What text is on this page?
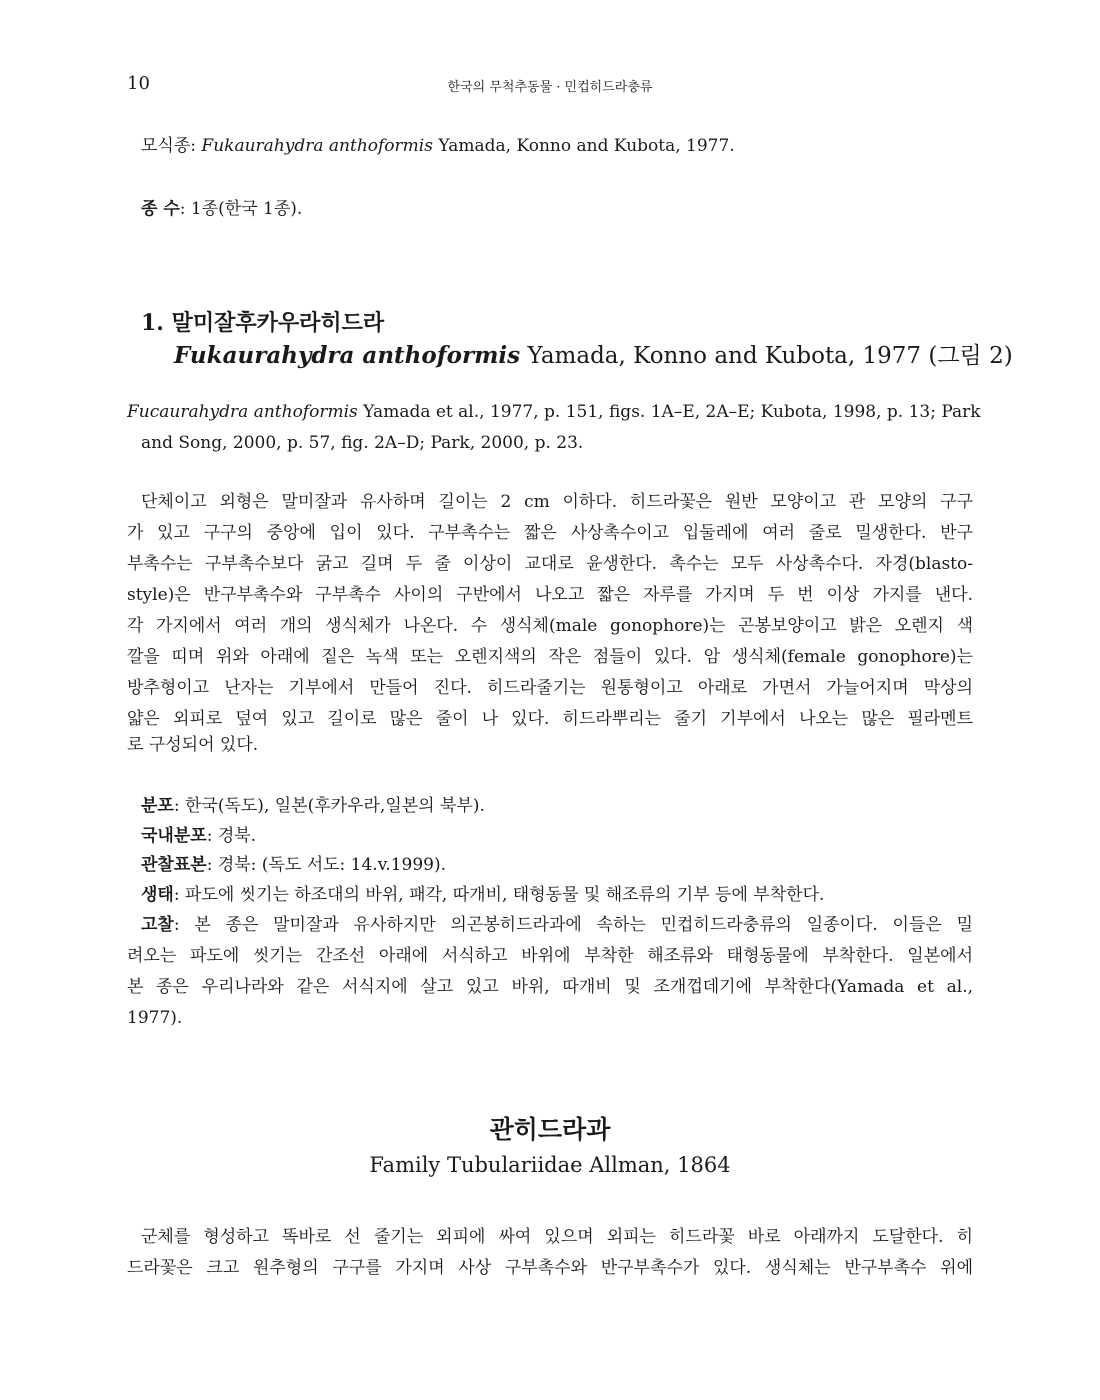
10	한국의 무척추동물 · 민컵히드라충류
모식종: Fukaurahydra anthoformis Yamada, Konno and Kubota, 1977.
종 수: 1종(한국 1종).
1. 말미잘후카우라히드라
Fukaurahydra anthoformis Yamada, Konno and Kubota, 1977 (그림 2)
Fucaurahydra anthoformis Yamada et al., 1977, p. 151, figs. 1A–E, 2A–E; Kubota, 1998, p. 13; Park
and Song, 2000, p. 57, fig. 2A–D; Park, 2000, p. 23.
단체이고 외형은 말미잘과 유사하며 길이는 2 cm 이하다. 히드라꽃은 원반 모양이고 관 모양의 구구
가 있고 구구의 중앙에 입이 있다. 구부촉수는 짧은 사상촉수이고 입둘레에 여러 줄로 밀생한다. 반구
부촉수는 구부촉수보다 굵고 길며 두 줄 이상이 교대로 윤생한다. 촉수는 모두 사상촉수다. 자경(blasto-
style)은 반구부촉수와 구부촉수 사이의 구반에서 나오고 짧은 자루를 가지며 두 번 이상 가지를 낸다.
각 가지에서 여러 개의 생식체가 나온다. 수 생식체(male gonophore)는 곤봉보양이고 밝은 오렌지 색
깔을 띠며 위와 아래에 짙은 녹색 또는 오렌지색의 작은 점들이 있다. 암 생식체(female gonophore)는
방추형이고 난자는 기부에서 만들어 진다. 히드라줄기는 원통형이고 아래로 가면서 가늘어지며 막상의
얇은 외피로 덮여 있고 길이로 많은 줄이 나 있다. 히드라뿌리는 줄기 기부에서 나오는 많은 필라멘트
로 구성되어 있다.
분포: 한국(독도), 일본(후카우라,일본의 북부).
국내분포: 경북.
관찰표본: 경북: (독도 서도: 14.v.1999).
생태: 파도에 씻기는 하조대의 바위, 패각, 따개비, 태형동물 및 해조류의 기부 등에 부착한다.
고찰: 본 종은 말미잘과 유사하지만 의곤봉히드라과에 속하는 민컵히드라충류의 일종이다. 이들은 밀
려오는 파도에 씻기는 간조선 아래에 서식하고 바위에 부착한 해조류와 태형동물에 부착한다. 일본에서
본 종은 우리나라와 같은 서식지에 살고 있고 바위, 따개비 및 조개껍데기에 부착한다(Yamada et al.,
1977).
관히드라과
Family Tubulariidae Allman, 1864
군체를 형성하고 똑바로 선 줄기는 외피에 싸여 있으며 외피는 히드라꽃 바로 아래까지 도달한다. 히
드라꽃은 크고 원추형의 구구를 가지며 사상 구부촉수와 반구부촉수가 있다. 생식체는 반구부촉수 위에
